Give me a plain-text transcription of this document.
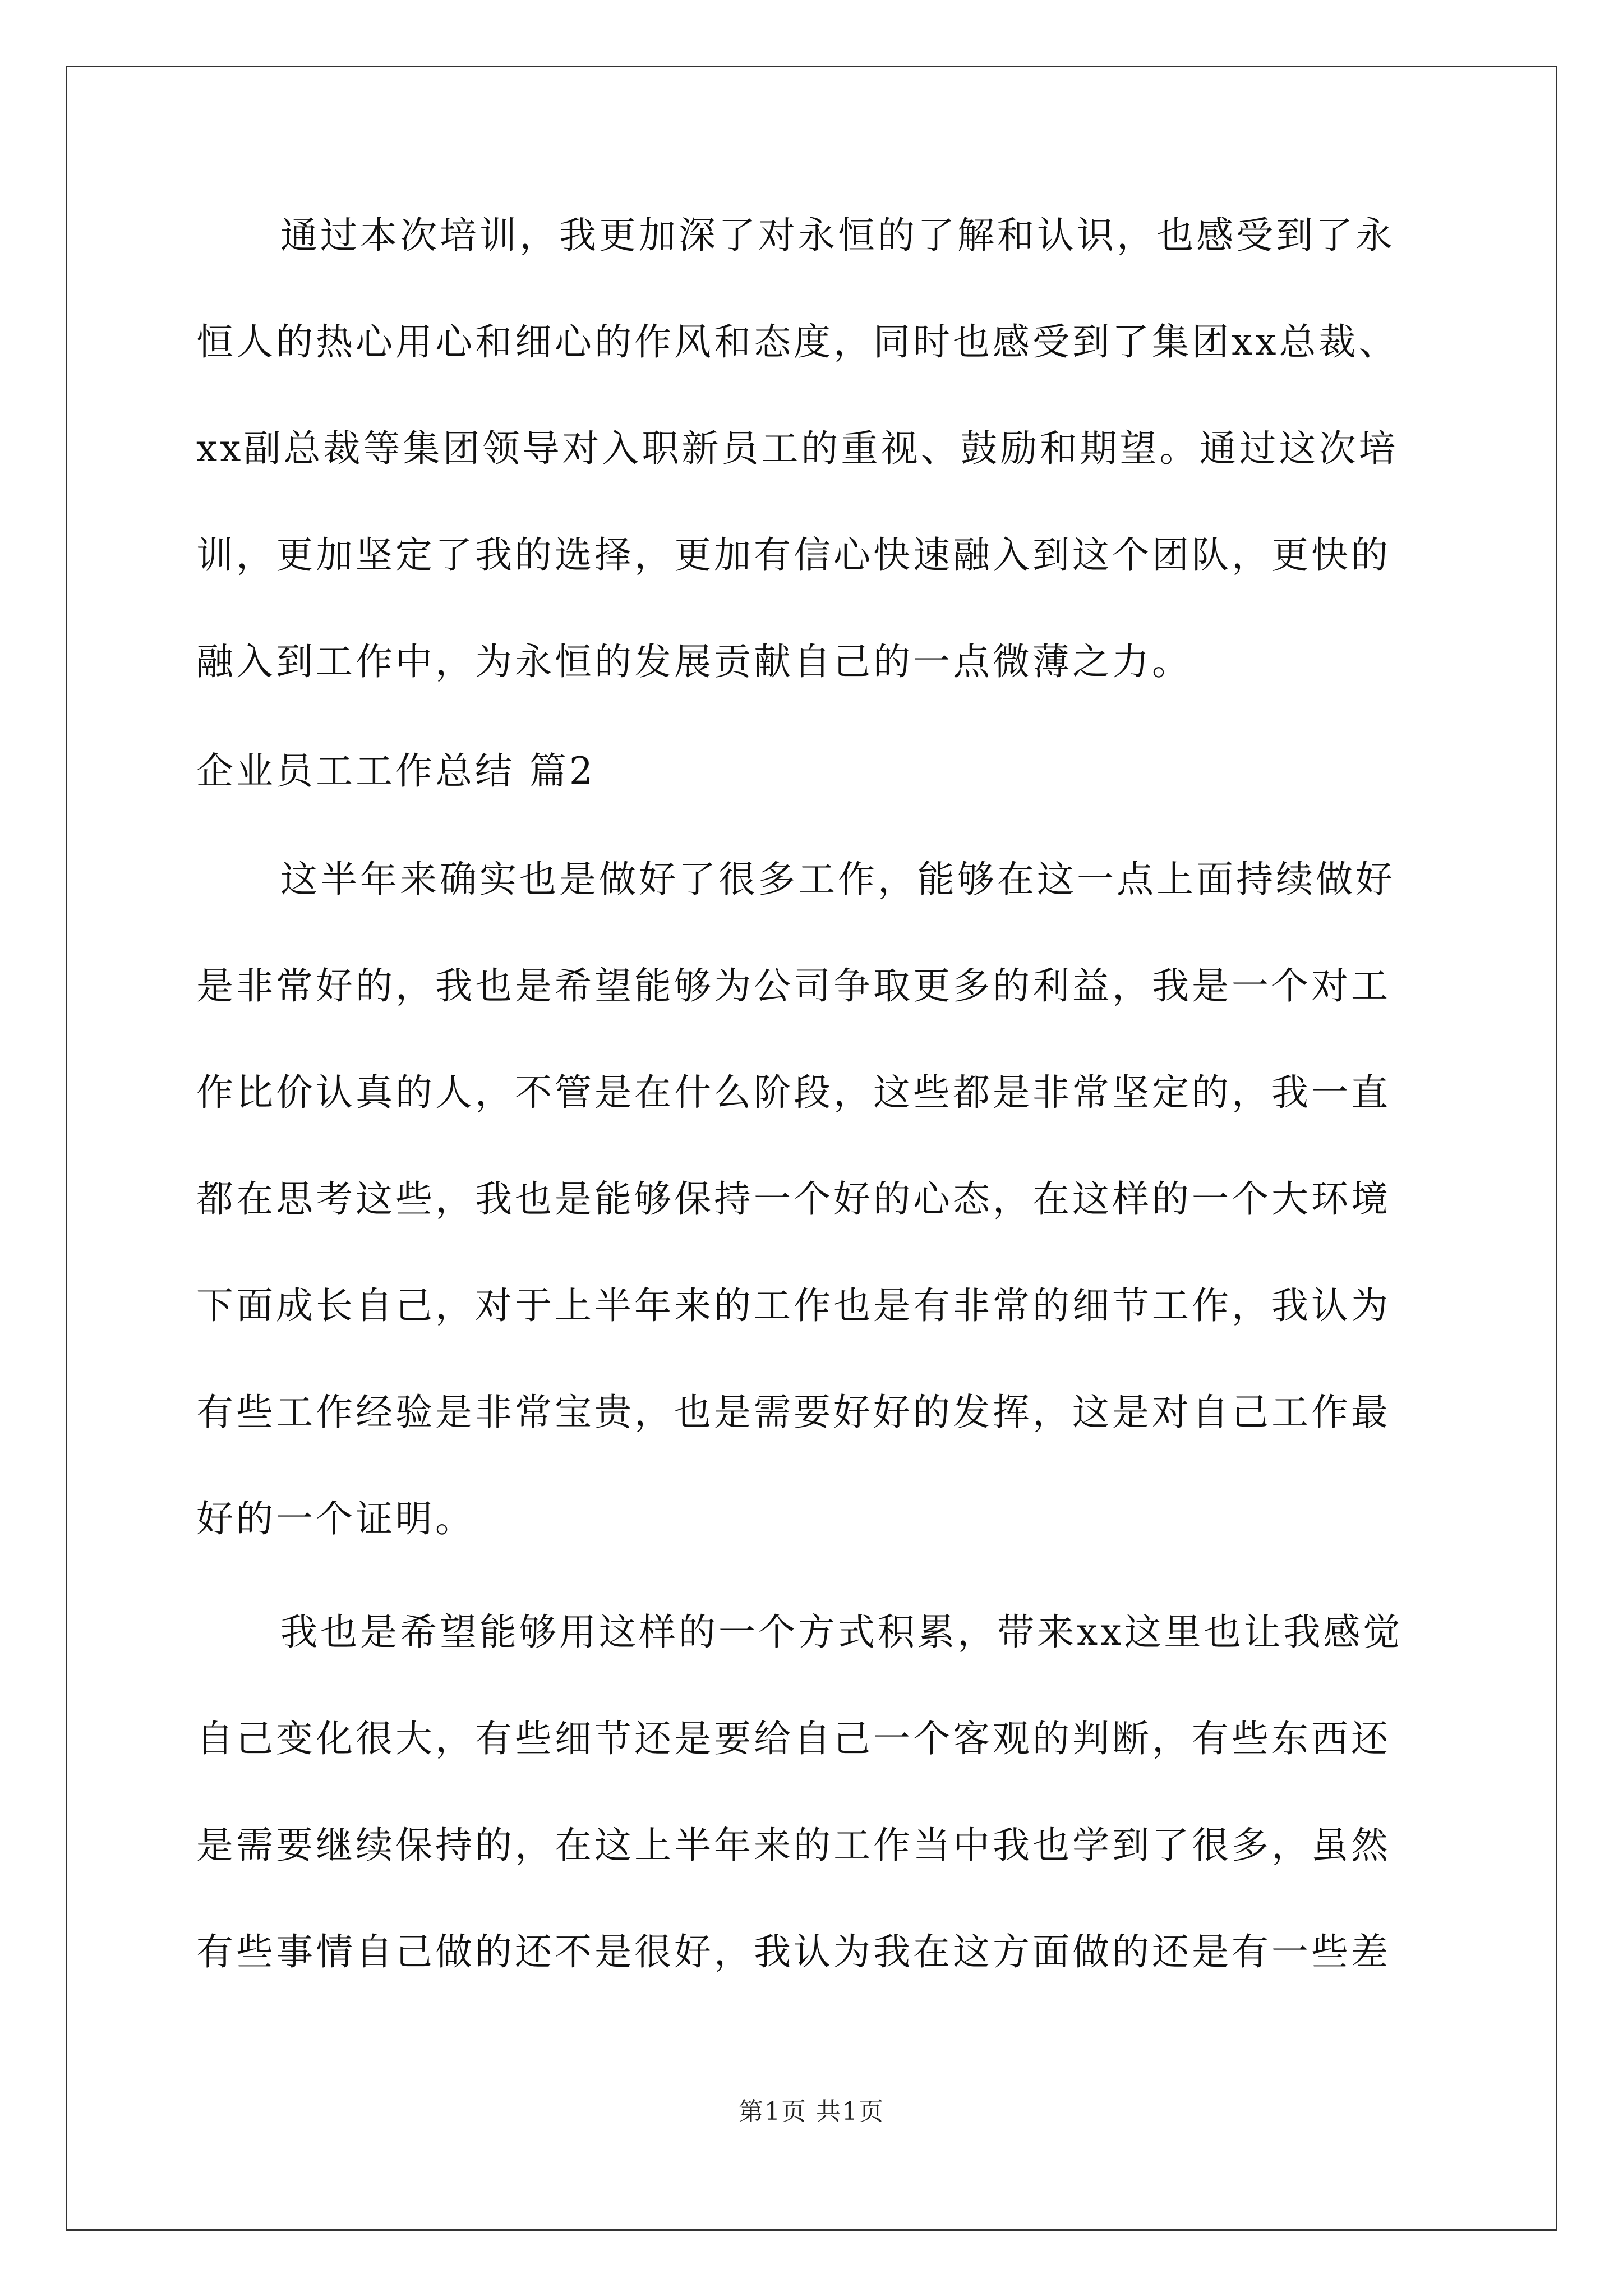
通过本次培训，我更加深了对永恒的了解和认识，也感受到了永
恒人的热心用心和细心的作风和态度，同时也感受到了集团xx总裁、
xx副总裁等集团领导对入职新员工的重视、鼓励和期望。通过这次培
训，更加坚定了我的选择，更加有信心快速融入到这个团队，更快的
融入到工作中，为永恒的发展贡献自己的一点微薄之力。
企业员工工作总结 篇2
这半年来确实也是做好了很多工作，能够在这一点上面持续做好
是非常好的，我也是希望能够为公司争取更多的利益，我是一个对工
作比价认真的人，不管是在什么阶段，这些都是非常坚定的，我一直
都在思考这些，我也是能够保持一个好的心态，在这样的一个大环境
下面成长自己，对于上半年来的工作也是有非常的细节工作，我认为
有些工作经验是非常宝贵，也是需要好好的发挥，这是对自己工作最
好的一个证明。
我也是希望能够用这样的一个方式积累，带来xx这里也让我感觉
自己变化很大，有些细节还是要给自己一个客观的判断，有些东西还
是需要继续保持的，在这上半年来的工作当中我也学到了很多，虽然
有些事情自己做的还不是很好，我认为我在这方面做的还是有一些差
第1页 共1页
